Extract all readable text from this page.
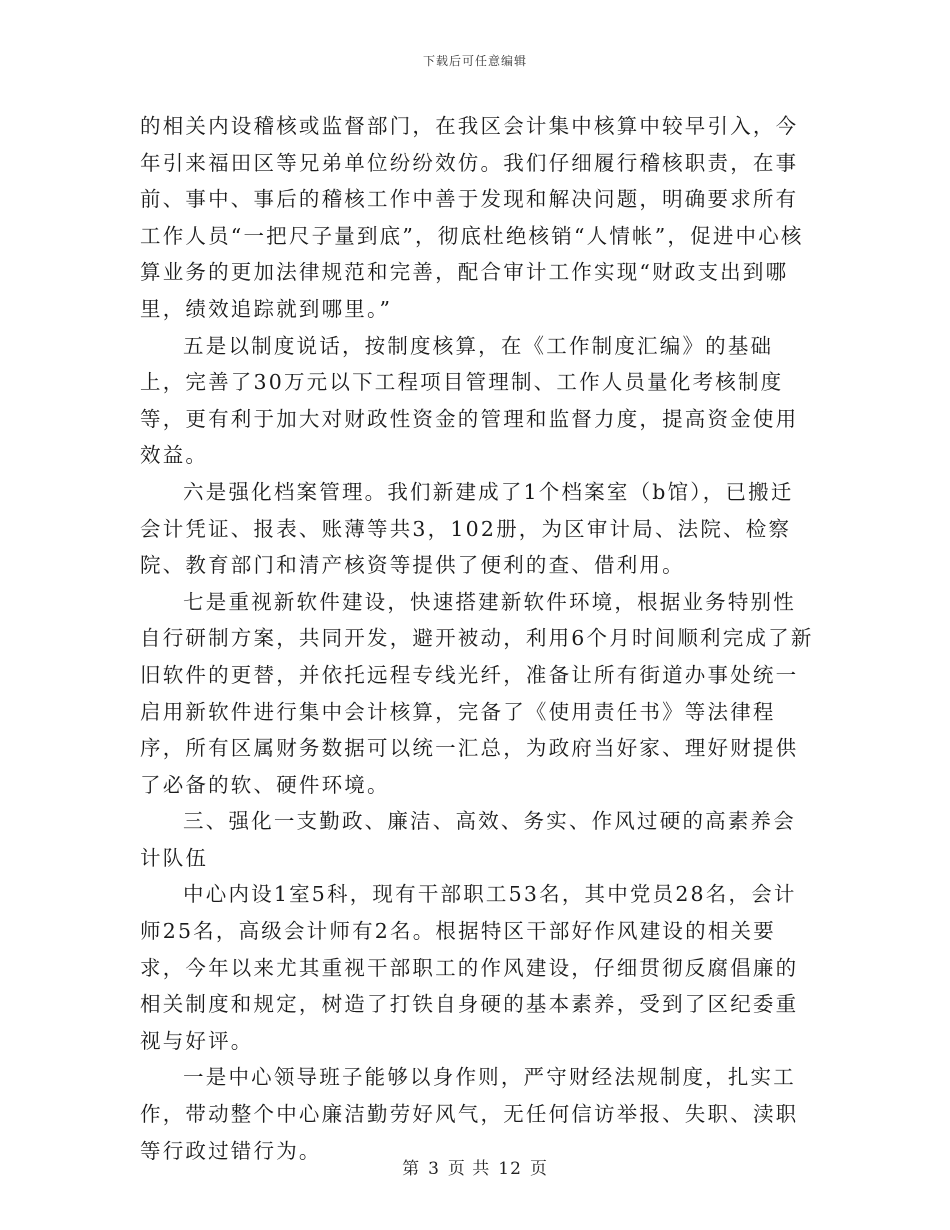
下载后可任意编辑

的相关内设稽核或监督部门，在我区会计集中核算中较早引入，今年引来福田区等兄弟单位纷纷效仿。我们仔细履行稽核职责，在事前、事中、事后的稽核工作中善于发现和解决问题，明确要求所有工作人员“一把尺子量到底”，彻底杜绝核销“人情帐”，促进中心核算业务的更加法律规范和完善，配合审计工作实现“财政支出到哪里，绩效追踪就到哪里。”

五是以制度说话，按制度核算，在《工作制度汇编》的基础上，完善了30万元以下工程项目管理制、工作人员量化考核制度等，更有利于加大对财政性资金的管理和监督力度，提高资金使用效益。

六是强化档案管理。我们新建成了1个档案室（b馆），已搬迁会计凭证、报表、账薄等共3，102册，为区审计局、法院、检察院、教育部门和清产核资等提供了便利的查、借利用。

七是重视新软件建设，快速搭建新软件环境，根据业务特别性自行研制方案，共同开发，避开被动，利用6个月时间顺利完成了新旧软件的更替，并依托远程专线光纤，准备让所有街道办事处统一启用新软件进行集中会计核算，完备了《使用责任书》等法律程序，所有区属财务数据可以统一汇总，为政府当好家、理好财提供了必备的软、硬件环境。

三、强化一支勤政、廉洁、高效、务实、作风过硬的高素养会计队伍

中心内设1室5科，现有干部职工53名，其中党员28名，会计师25名，高级会计师有2名。根据特区干部好作风建设的相关要求，今年以来尤其重视干部职工的作风建设，仔细贯彻反腐倡廉的相关制度和规定，树造了打铁自身硬的基本素养，受到了区纪委重视与好评。

一是中心领导班子能够以身作则，严守财经法规制度，扎实工作，带动整个中心廉洁勤劳好风气，无任何信访举报、失职、渎职等行政过错行为。

第 3 页 共 12 页
